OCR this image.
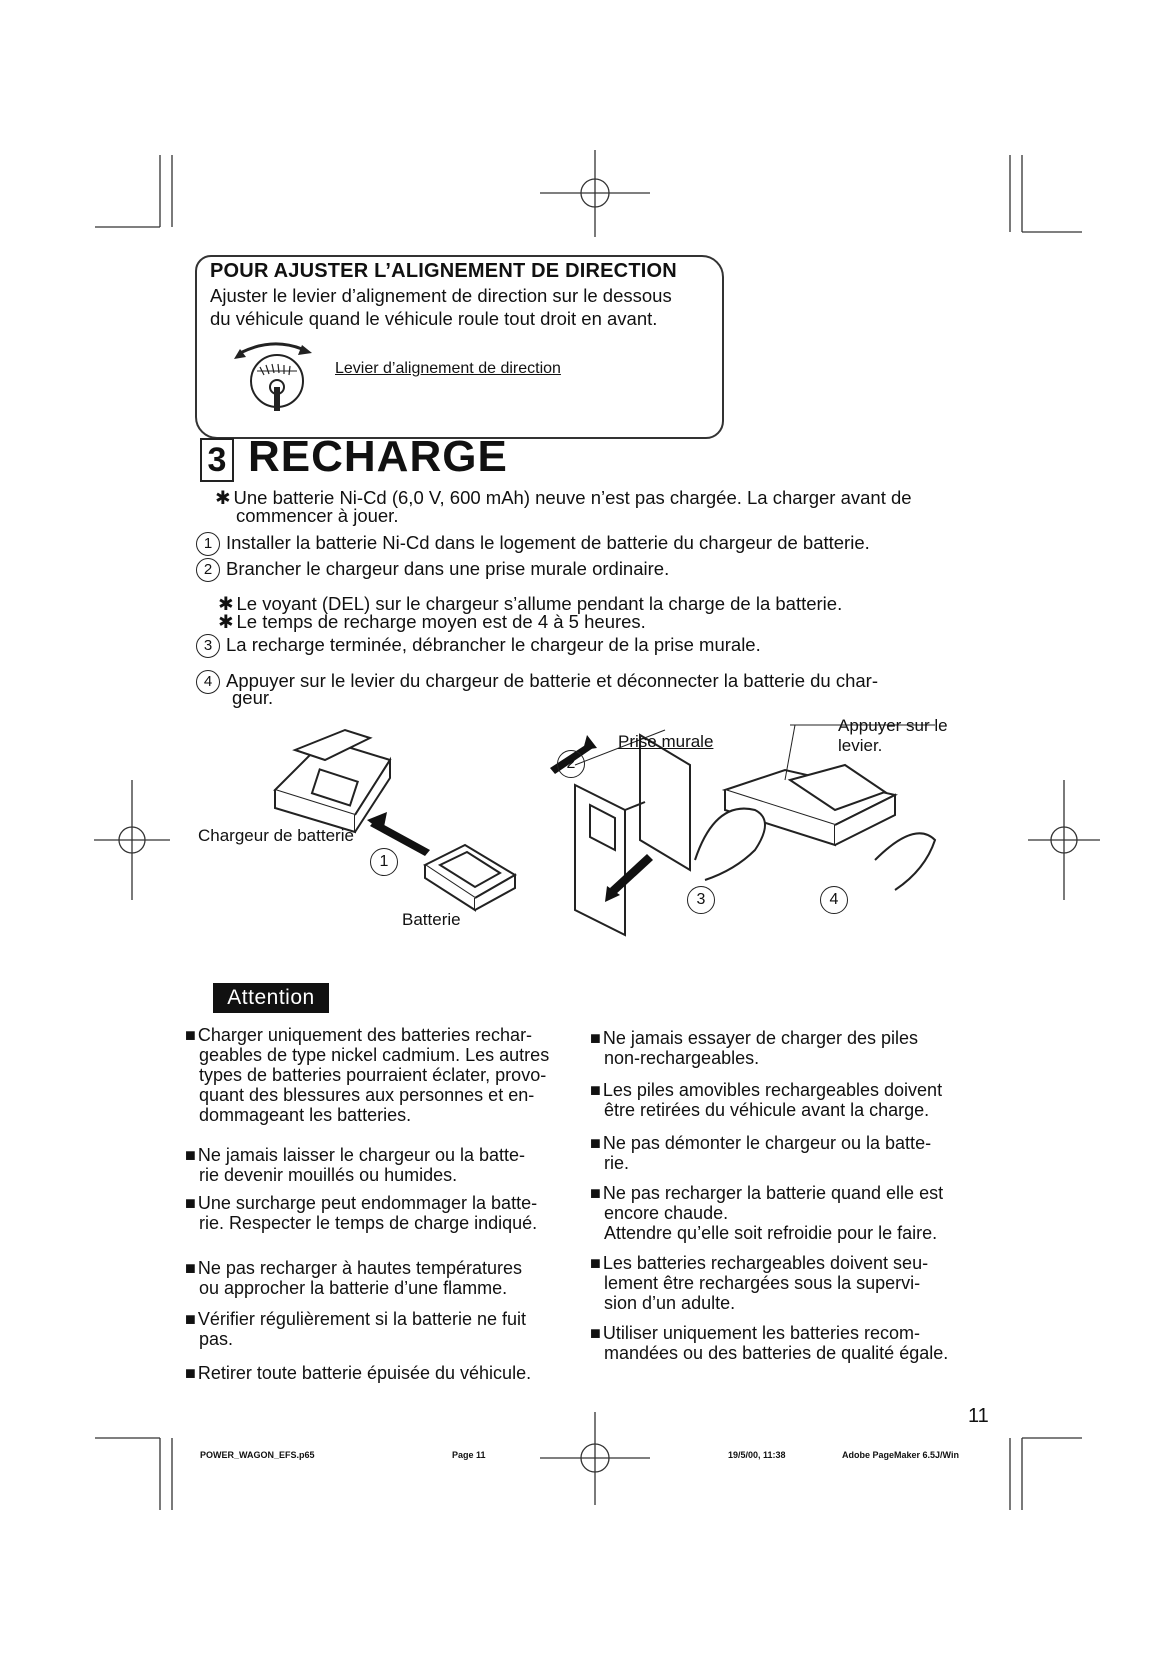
POUR AJUSTER L’ALIGNEMENT DE DIRECTION
Ajuster le levier d’alignement de direction sur le dessous
du véhicule quand le véhicule roule tout droit en avant.
Levier d’alignement de direction
3 RECHARGE
✱ Une batterie Ni-Cd (6,0 V, 600 mAh) neuve n’est pas chargée. La charger avant de
commencer à jouer.
1 Installer la batterie Ni-Cd dans le logement de batterie du chargeur de batterie.
2 Brancher le chargeur dans une prise murale ordinaire.
✱ Le voyant (DEL) sur le chargeur s’allume pendant la charge de la batterie.
✱ Le temps de recharge moyen est de 4 à 5 heures.
3 La recharge terminée, débrancher le chargeur de la prise murale.
4 Appuyer sur le levier du chargeur de batterie et déconnecter la batterie du char-
geur.
Chargeur de batterie
Batterie
Prise murale
Appuyer sur le
levier.
1
2
3	4
Attention
■ Charger uniquement des batteries rechar-
geables de type nickel cadmium. Les autres
types de batteries pourraient éclater, provo-
quant des blessures aux personnes et en-
dommageant les batteries.
■ Ne jamais laisser le chargeur ou la batte-
rie devenir mouillés ou humides.
■ Une surcharge peut endommager la batte-
rie. Respecter le temps de charge indiqué.
■ Ne pas recharger à hautes températures
ou approcher la batterie d’une flamme.
■ Vérifier régulièrement si la batterie ne fuit
pas.
■ Retirer toute batterie épuisée du véhicule.
■ Ne jamais essayer de charger des piles
non-rechargeables.
■ Les piles amovibles rechargeables doivent
être retirées du véhicule avant la charge.
■ Ne pas démonter le chargeur ou la batte-
rie.
■ Ne pas recharger la batterie quand elle est
encore chaude.
Attendre qu’elle soit refroidie pour le faire.
■ Les batteries rechargeables doivent seu-
lement être rechargées sous la supervi-
sion d’un adulte.
■ Utiliser uniquement les batteries recom-
mandées ou des batteries de qualité égale.
11
POWER_WAGON_EFS.p65	Page 11	19/5/00, 11:38	Adobe PageMaker 6.5J/Win
